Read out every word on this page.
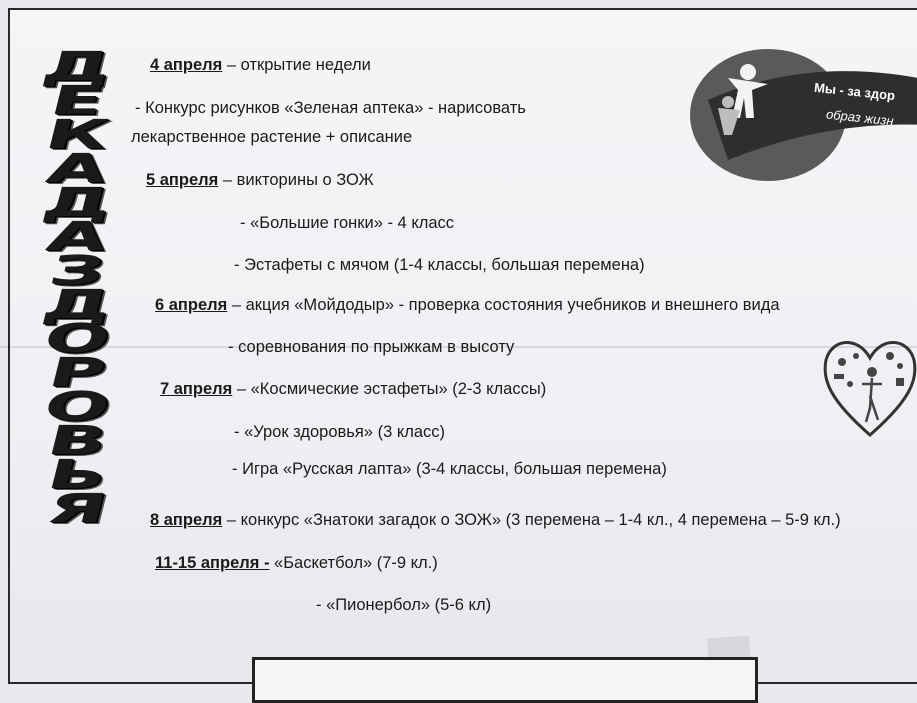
Д
Е
К
А
Д
А
З
Д
О
Р
О
В
Ь
Я
4 апреля – открытие недели
- Конкурс рисунков «Зеленая аптека» - нарисовать
лекарственное растение + описание
5 апреля – викторины о ЗОЖ
- «Большие гонки» - 4 класс
- Эстафеты с мячом (1-4 классы, большая перемена)
6 апреля – акция «Мойдодыр» - проверка состояния учебников и внешнего вида
- соревнования по прыжкам в высоту
7 апреля – «Космические эстафеты» (2-3 классы)
- «Урок здоровья» (3 класс)
- Игра «Русская лапта» (3-4 классы, большая перемена)
8 апреля – конкурс «Знатоки загадок о ЗОЖ» (3 перемена – 1-4 кл., 4 перемена – 5-9 кл.)
11-15 апреля - «Баскетбол» (7-9 кл.)
- «Пионербол» (5-6 кл)
Мы - за здор
образ жизн
